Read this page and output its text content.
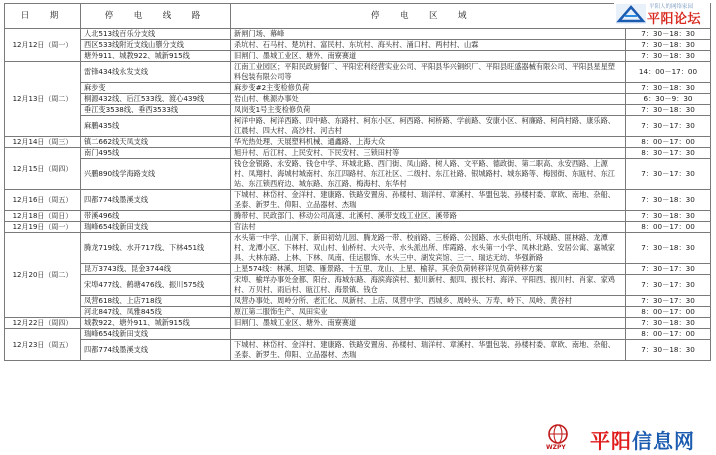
日　期	停　电　线　路	停　电　区　域	
12月12日（周一）	人北513线百乐分支线	新闸门场、幕峰	7：30－18：30
	西区533线附近支线山隳分支线	杀坑村、石马村、楚坑村、富民村、东坑村、海头村、涌口村、两村村、山霖	7：30－18：30
	塘外911、城教922、城新915线	旧闸门、墨城工业区、塘外、南寮赛道	7：30－18：30
12月13日（周二）	雷锋434线永发支线	江南工业园区；平阳民政厨餐厂、平阳宏利经营实业公司、平阳县华兴铜织厂、平阳县旺盛器械有限公司、平阳县星星塑料包装有限公司等	14：00－17：00
	麻步变	麻步变#2主变检修负荷	7：30－18：30
	桐源432线、后江533线、渡心439线	岩山村、桃源办事处	6：30－9：30
	垂江变3538线、垂西3533线	凤岗变1号主变检修负荷	7：30－18：30
	麻鹏435线	柯洋中路、柯洋西路、四中路、东路村、柯东小区、柯西路、柯桥路、学前路、安康小区、柯廉路、柯尚村路、康乐路、江晨村、四大村、高沙村、河古村	7：30－17：30
12月14日（周三）	镇二662线天凤支线	华光热处理、天展塑料机械、通鑫路、上海大众	8：00－17：00
12月15日（周四）	南门495线	旭升村、后江村、上民安村、下民安村、三锁田村等	8：30－17：30
	兴鹏890线学海路支线	钱仓金银路、永安路、钱仓中学、环城北路、西门街、凤山路、树人路、文平路、德政街、第二职高、永安西路、上源村、凤翔村、海城村城南村、东江四路村、东江社区、二级村、东江社路、银城路村、城东路等、梅园街、东瓯村、东江站、东江锁西府边、城东路、东江路、梅海村、东华村	7：30－17：30
12月16日（周五）	四都774线墨溪支线	下城村、林岱村、金洋村、建康路、铁路安置房、孙楼村、瑞洋村、章溪村、华盟包装、孙楼村委、章欧、南地、杂船、圣泰、新罗生、仰阳、立品器材、杰瑞	7：30－18：30
12月18日（周日）	带溪496线	腾带村、民政部门、移动公司高速、北溪村、溪带支线工业区、溪带路	7：30－18：30
12月19日（周一）	瑞峰654线新田支线	官法村	8：00－17：00
12月20日（周二）	腾龙719线、水开717线、下林451线	水头第一中学、山洞下、新田初幼儿园、腾龙路一带、校前路、三桥路、公园路、水头供电所、环城路、匪林路、龙潭村、龙潭小区、下林村、双山村、仙桥村、大兴寺、水头派出所、库霞路、水头第一小学、凤林北路、安居公寓、嘉城家具、大林东路、上林、下林、凤南、佳运服饰、水头三中、湖发宾馆、三一、瑞达无纺、华强新路	7：30－18：30
	昆万3743线、昆金3744线	上星574线：林溪、坦梁、雁景路、十五里、龙山、上星、榆荐。其余负荷转移详见负荷转移方案	7：30－17：30
	宋埠477线、鹤塘476线、振川575线	宋埠、榆垟办事处金都、阳台、海城东路、海滨海滨村、振川新村、振四、振长村、海洋、平阳西、振川村、肖家、家鸡村、万贝村、雨后村、瓯江村、海景镇、钱仓	7：30－17：30
	凤营618线、上店718线	凤营办事处、周岭分所、老汇化、凤新村、上店、凤营中学、西城乡、周岭头、万寿、岭下、凤岭、黄谷村	7：30－17：30
	河北847线、凤雅845线	原江第二服饰生产、凤田实业	8：00－17：00
12月22日（周四）	城教922、塘外911、城新915线	旧闸门、墨城工业区、塘外、南寮赛道	7：30－18：30
12月23日（周五）	瑞峰654线新田支线		8：00－17：00
	四都774线墨溪支线	下城村、林岱村、金洋村、建康路、铁路安置房、孙楼村、瑞洋村、章溪村、华盟包装、孙楼村委、章欧、南地、杂船、圣泰、新罗生、仰阳、立品器材、杰瑞	7：30－18：30
平阳人的网络家园
平阳论坛
平阳信息网
WZPY
